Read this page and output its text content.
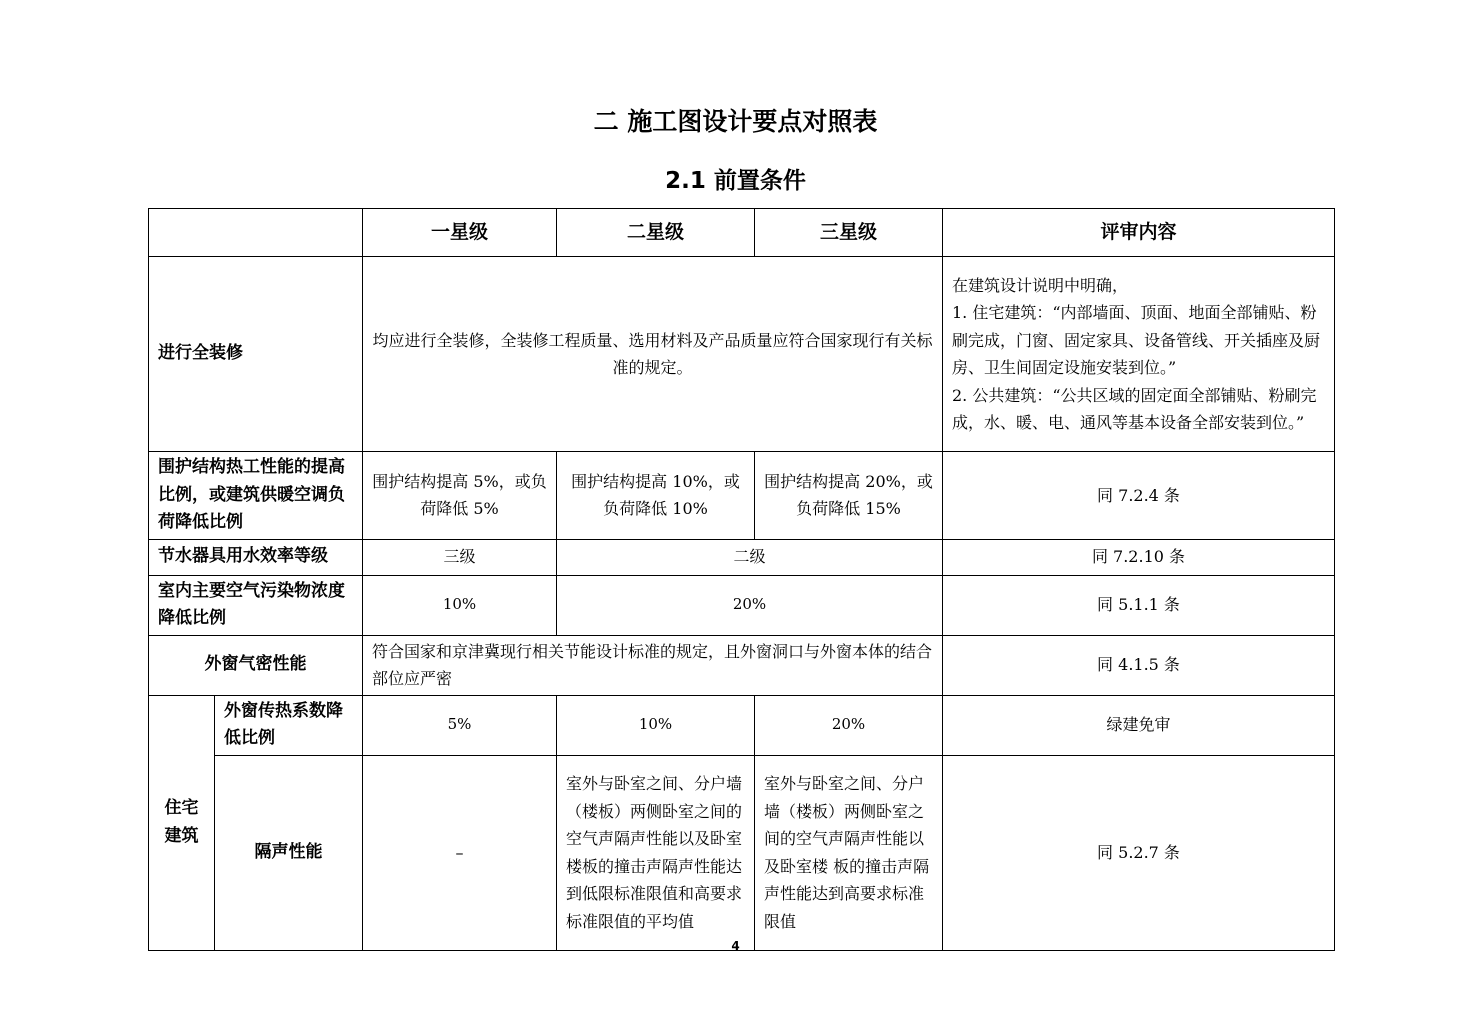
二 施工图设计要点对照表
2.1 前置条件
		一星级	二星级	三星级	评审内容
进行全装修		均应进行全装修，全装修工程质量、选用材料及产品质量应符合国家现行有关标准的规定。			在建筑设计说明中明确，
1. 住宅建筑：“内部墙面、顶面、地面全部铺贴、粉刷完成，门窗、固定家具、设备管线、开关插座及厨房、卫生间固定设施安装到位。”
2. 公共建筑：“公共区域的固定面全部铺贴、粉刷完成，水、暖、电、通风等基本设备全部安装到位。”

围护结构热工性能的提高比例，或建筑供暖空调负荷降低比例		围护结构提高 5%，或负荷降低 5%	围护结构提高 10%，或负荷降低 10%	围护结构提高 20%，或负荷降低 15%	同 7.2.4 条
节水器具用水效率等级		三级	二级		同 7.2.10 条
室内主要空气污染物浓度降低比例		10%	20%		同 5.1.1 条
外窗气密性能		符合国家和京津冀现行相关节能设计标准的规定，且外窗洞口与外窗本体的结合部位应严密			同 4.1.5 条
住宅建筑	外窗传热系数降低比例	5%	10%	20%	绿建免审
	隔声性能	–	室外与卧室之间、分户墙（楼板）两侧卧室之间的空气声隔声性能以及卧室楼板的撞击声隔声性能达到低限标准限值和高要求标准限值的平均值	室外与卧室之间、分户墙（楼板）两侧卧室之间的空气声隔声性能以及卧室楼 板的撞击声隔声性能达到高要求标准限值	同 5.2.7 条
4
